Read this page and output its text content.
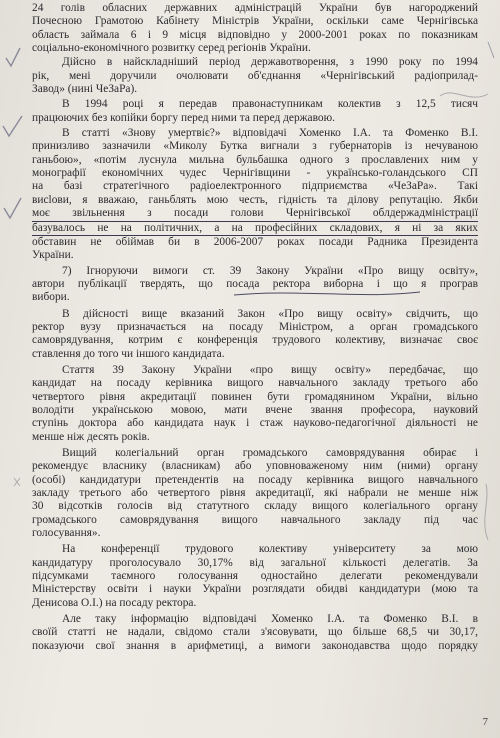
24 голів обласних державних адміністрацій України був нагороджений
Почесною Грамотою Кабінету Міністрів України, оскільки саме Чернігівська
область займала 6 і 9 місця відповідно у 2000-2001 роках по показникам
соціально-економічного розвитку серед регіонів України.
Дійсно в найскладніший період державотворення, з 1990 року по 1994
рік, мені доручили очолювати об'єднання «Чернігівський радіоприлад-
Завод» (нині ЧеЗаРа).
В 1994 році я передав правонаступникам колектив з 12,5 тисяч
працюючих без копійки боргу перед ними та перед державою.
В статті «Знову умертвіє?» відповідачі Хоменко І.А. та Фоменко В.І.
принизливо зазначили «Миколу Бутка вигнали з губернаторів із нечуваною
ганьбою», «потім луснула мильна бульбашка одного з прославлених ним у
монографії економічних чудес Чернігівщини - українсько-голандського СП
на базі стратегічного радіоелектронного підприємства «ЧеЗаРа». Такі
висlови, я вважаю, ганьблять мою честь, гідність та ділову репутацію. Якби
моє звільнення з посади голови Чернігівської облдержадміністрації
базувалось не на політичних, а на професійних складових, я ні за яких
обставин не обіймав би в 2006-2007 роках посади Радника Президента
України.
7) Ігноруючи вимоги ст. 39 Закону України «Про вищу освіту»,
автори публікації твердять, що посада ректора виборна і що я програв
вибори.
В дійсності вище вказаний Закон «Про вищу освіту» свідчить, що
ректор вузу призначається на посаду Міністром, а орган громадського
самоврядування, котрим є конференція трудового колективу, визначає своє
ставлення до того чи іншого кандидата.
Стаття 39 Закону України «про вищу освіту» передбачає, що
кандидат на посаду керівника вищого навчального закладу третього або
четвертого рівня акредитації повинен бути громадянином України, вільно
володіти українською мовою, мати вчене звання професора, науковий
ступінь доктора або кандидата наук і стаж науково-педагогічної діяльності не
менше ніж десять років.
Вищий колегіальний орган громадського самоврядування обирає і
рекомендує власнику (власникам) або уповноваженому ним (ними) органу
(особі) кандидатури претендентів на посаду керівника вищого навчального
закладу третього або четвертого рівня акредитації, які набрали не менше ніж
30 відсотків голосів від статутного складу вищого колегіального органу
громадського самоврядування вищого навчального закладу під час
голосування».
На конференції трудового колективу університету за мою
кандидатуру проголосувало 30,17% від загальної кількості делегатів. За
підсумками таємного голосування одностайно делегати рекомендували
Міністерству освіти і науки України розглядати обидві кандидатури (мою та
Денисова О.І.) на посаду ректора.
Але таку інформацію відповідачі Хоменко І.А. та Фоменко В.І. в
своїй статті не надали, свідомо стали з'ясовувати, що більше 68,5 чи 30,17,
показуючи свої знання в арифметиці, а вимоги законодавства щодо порядку
7
